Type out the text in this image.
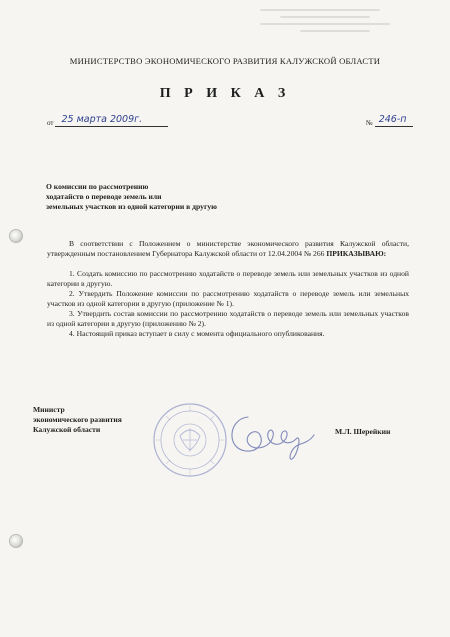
МИНИСТЕРСТВО ЭКОНОМИЧЕСКОГО РАЗВИТИЯ КАЛУЖСКОЙ ОБЛАСТИ
П Р И К А З
от 25 марта 2009г.	№ 246-п
О комиссии по рассмотрению
ходатайств о переводе земель или
земельных участков из одной категории в другую

В соответствии с Положением о министерстве экономического развития Калужской области, утвержденным постановлением Губернатора Калужской области от 12.04.2004 № 266 ПРИКАЗЫВАЮ:

1. Создать комиссию по рассмотрению ходатайств о переводе земель или земельных участков из одной категории в другую.

2. Утвердить Положение комиссии по рассмотрению ходатайств о переводе земель или земельных участков из одной категории в другую (приложение № 1).

3. Утвердить состав комиссии по рассмотрению ходатайств о переводе земель или земельных участков из одной категории в другую (приложению № 2).

4. Настоящий приказ вступает в силу с момента официального опубликования.

Министр
экономического развития
Калужской области	М.Л. Шерейкин
